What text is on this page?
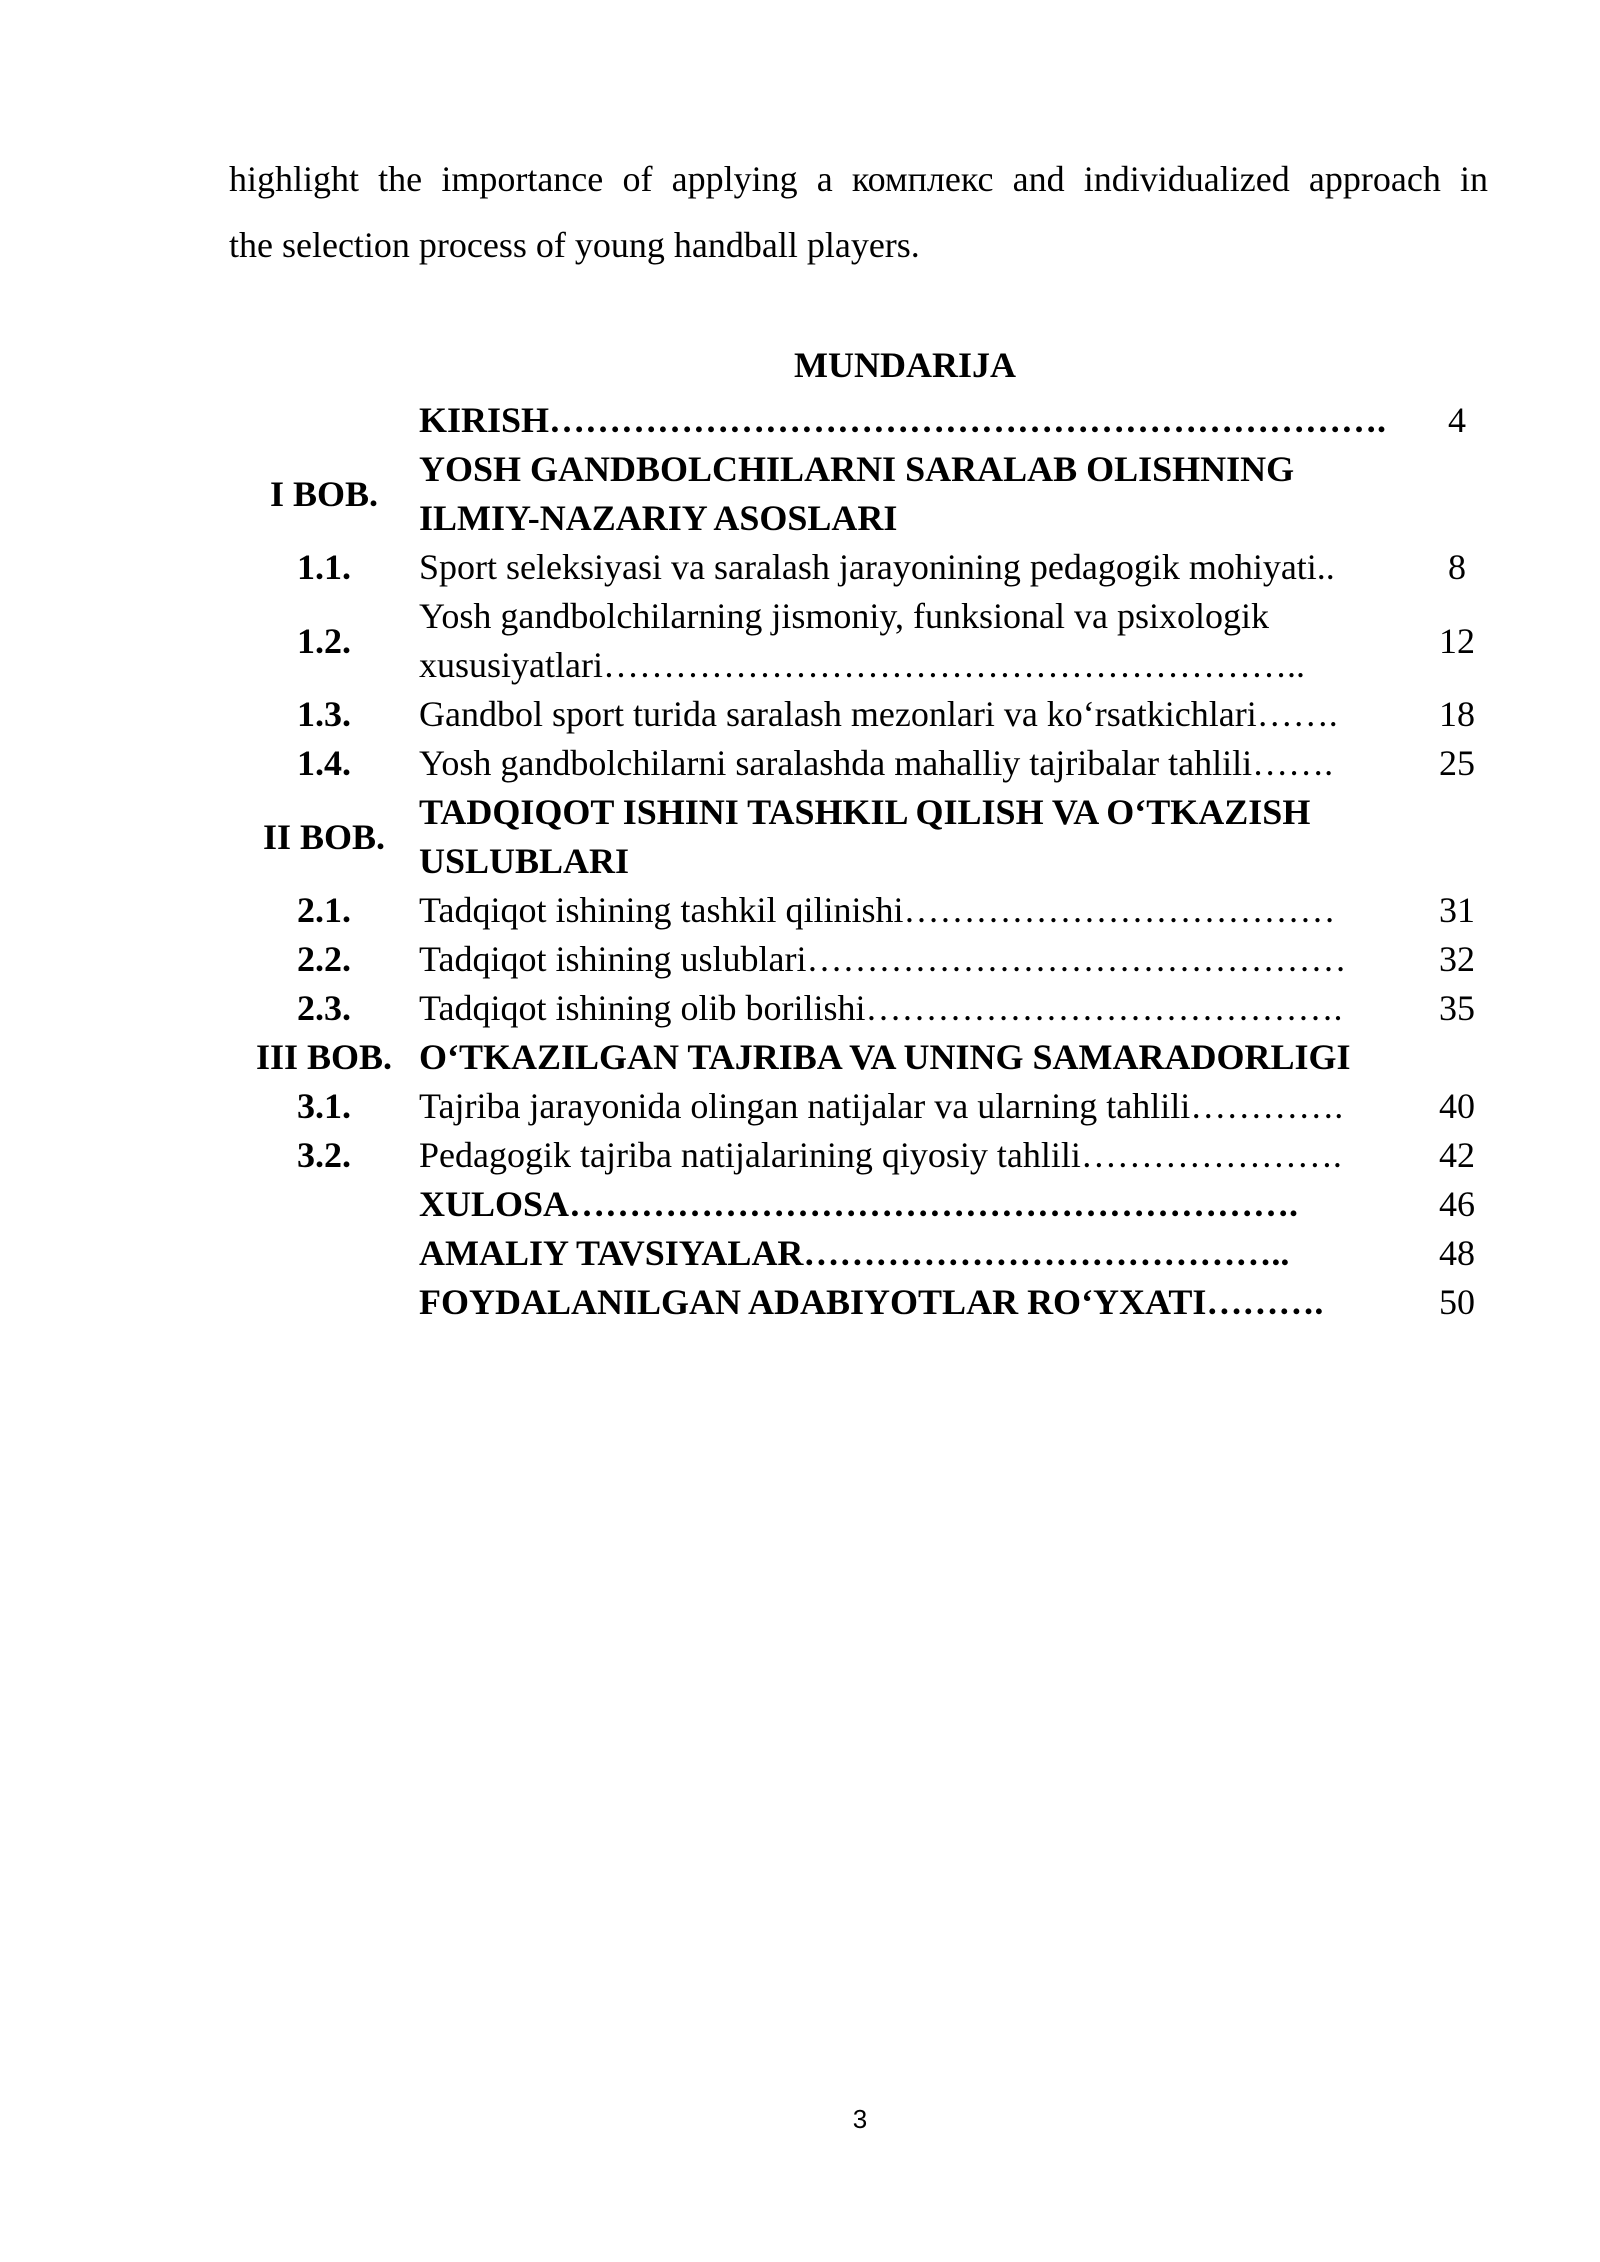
highlight the importance of applying a комплекс and individualized approach in
the selection process of young handball players.
MUNDARIJA
	KIRISH…………………………………………………………….	4
I BOB.	YOSH GANDBOLCHILARNI SARALAB OLISHNING ILMIY-NAZARIY ASOSLARI	
1.1.	Sport seleksiyasi va saralash jarayonining pedagogik mohiyati..	8
1.2.	Yosh gandbolchilarning jismoniy, funksional va psixologik xususiyatlari…………………………………………………..	12
1.3.	Gandbol sport turida saralash mezonlari va ko‘rsatkichlari…….	18
1.4.	Yosh gandbolchilarni saralashda mahalliy tajribalar tahlili…….	25
II BOB.	TADQIQOT ISHINI TASHKIL QILISH VA O‘TKAZISH USLUBLARI	
2.1.	Tadqiqot ishining tashkil qilinishi………………………………	31
2.2.	Tadqiqot ishining uslublari………………………………………	32
2.3.	Tadqiqot ishining olib borilishi………………………………….	35
III BOB.	O‘TKAZILGAN TAJRIBA VA UNING SAMARADORLIGI	
3.1.	Tajriba jarayonida olingan natijalar va ularning tahlili………….	40
3.2.	Pedagogik tajriba natijalarining qiyosiy tahlili………………….	42
	XULOSA…………………………………………………….	46
	AMALIY TAVSIYALAR…………………………………..	48
	FOYDALANILGAN ADABIYOTLAR RO‘YXATI……….	50
3
